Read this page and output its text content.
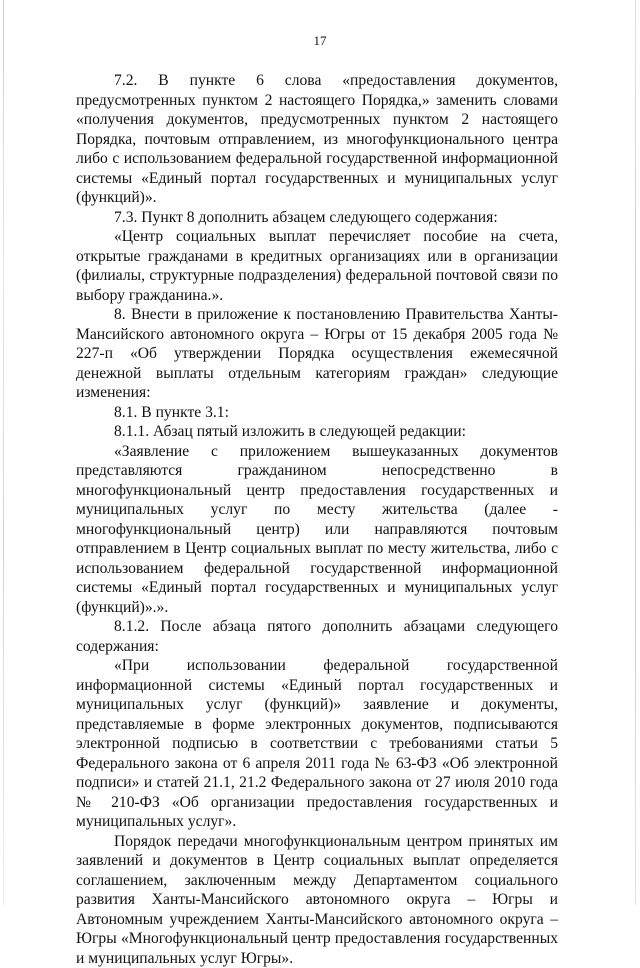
17

7.2. В пункте 6 слова «предоставления документов, предусмотренных пунктом 2 настоящего Порядка,» заменить словами «получения документов, предусмотренных пунктом 2 настоящего Порядка, почтовым отправлением, из многофункционального центра либо с использованием федеральной государственной информационной системы «Единый портал государственных и муниципальных услуг (функций)».

7.3. Пункт 8 дополнить абзацем следующего содержания:

«Центр социальных выплат перечисляет пособие на счета, открытые гражданами в кредитных организациях или в организации (филиалы, структурные подразделения) федеральной почтовой связи по выбору гражданина.».

8. Внести в приложение к постановлению Правительства Ханты-Мансийского автономного округа – Югры от 15 декабря 2005 года № 227-п «Об утверждении Порядка осуществления ежемесячной денежной выплаты отдельным категориям граждан» следующие изменения:

8.1. В пункте 3.1:

8.1.1. Абзац пятый изложить в следующей редакции:

«Заявление с приложением вышеуказанных документов представляются гражданином непосредственно в многофункциональный центр предоставления государственных и муниципальных услуг по месту жительства (далее - многофункциональный центр) или направляются почтовым отправлением в Центр социальных выплат по месту жительства, либо с использованием федеральной государственной информационной системы «Единый портал государственных и муниципальных услуг (функций)».».

8.1.2. После абзаца пятого дополнить абзацами следующего содержания:

«При использовании федеральной государственной информационной системы «Единый портал государственных и муниципальных услуг (функций)» заявление и документы, представляемые в форме электронных документов, подписываются электронной подписью в соответствии с требованиями статьи 5 Федерального закона от 6 апреля 2011 года № 63-ФЗ «Об электронной подписи» и статей 21.1, 21.2 Федерального закона от 27 июля 2010 года № 210-ФЗ «Об организации предоставления государственных и муниципальных услуг».

Порядок передачи многофункциональным центром принятых им заявлений и документов в Центр социальных выплат определяется соглашением, заключенным между Департаментом социального развития Ханты-Мансийского автономного округа – Югры и Автономным учреждением Ханты-Мансийского автономного округа – Югры «Многофункциональный центр предоставления государственных и муниципальных услуг Югры».
